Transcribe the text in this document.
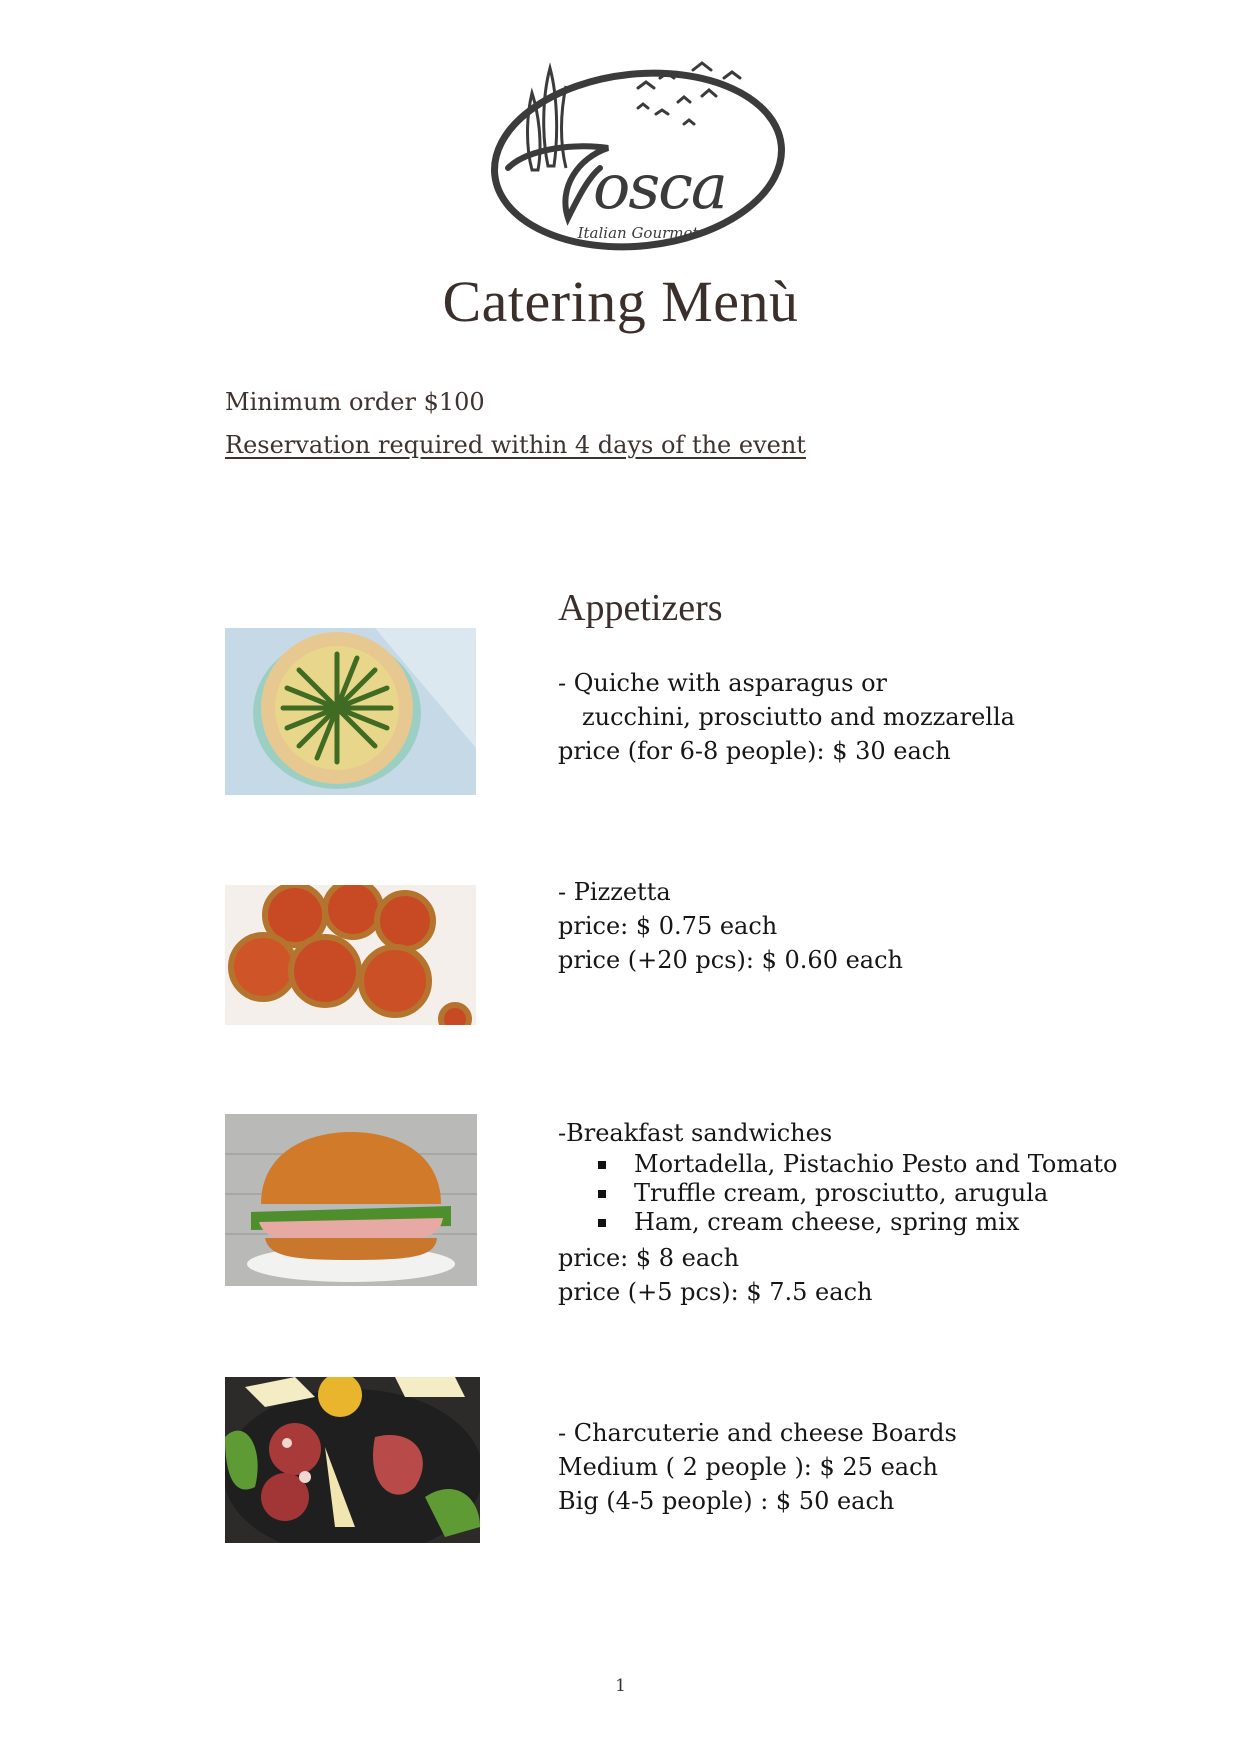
osca
Italian Gourmet
Catering Menù
Minimum order $100
Reservation required within 4 days of the event
Appetizers
- Quiche with asparagus or
zucchini, prosciutto and mozzarella
price (for 6-8 people): $ 30 each
- Pizzetta
price: $ 0.75 each
price (+20 pcs): $ 0.60 each
-Breakfast sandwiches
Mortadella, Pistachio Pesto and Tomato
Truffle cream, prosciutto, arugula
Ham, cream cheese, spring mix
price: $ 8 each
price (+5 pcs): $ 7.5 each
- Charcuterie and cheese Boards
Medium ( 2 people ): $ 25 each
Big (4-5 people) : $ 50 each
1
